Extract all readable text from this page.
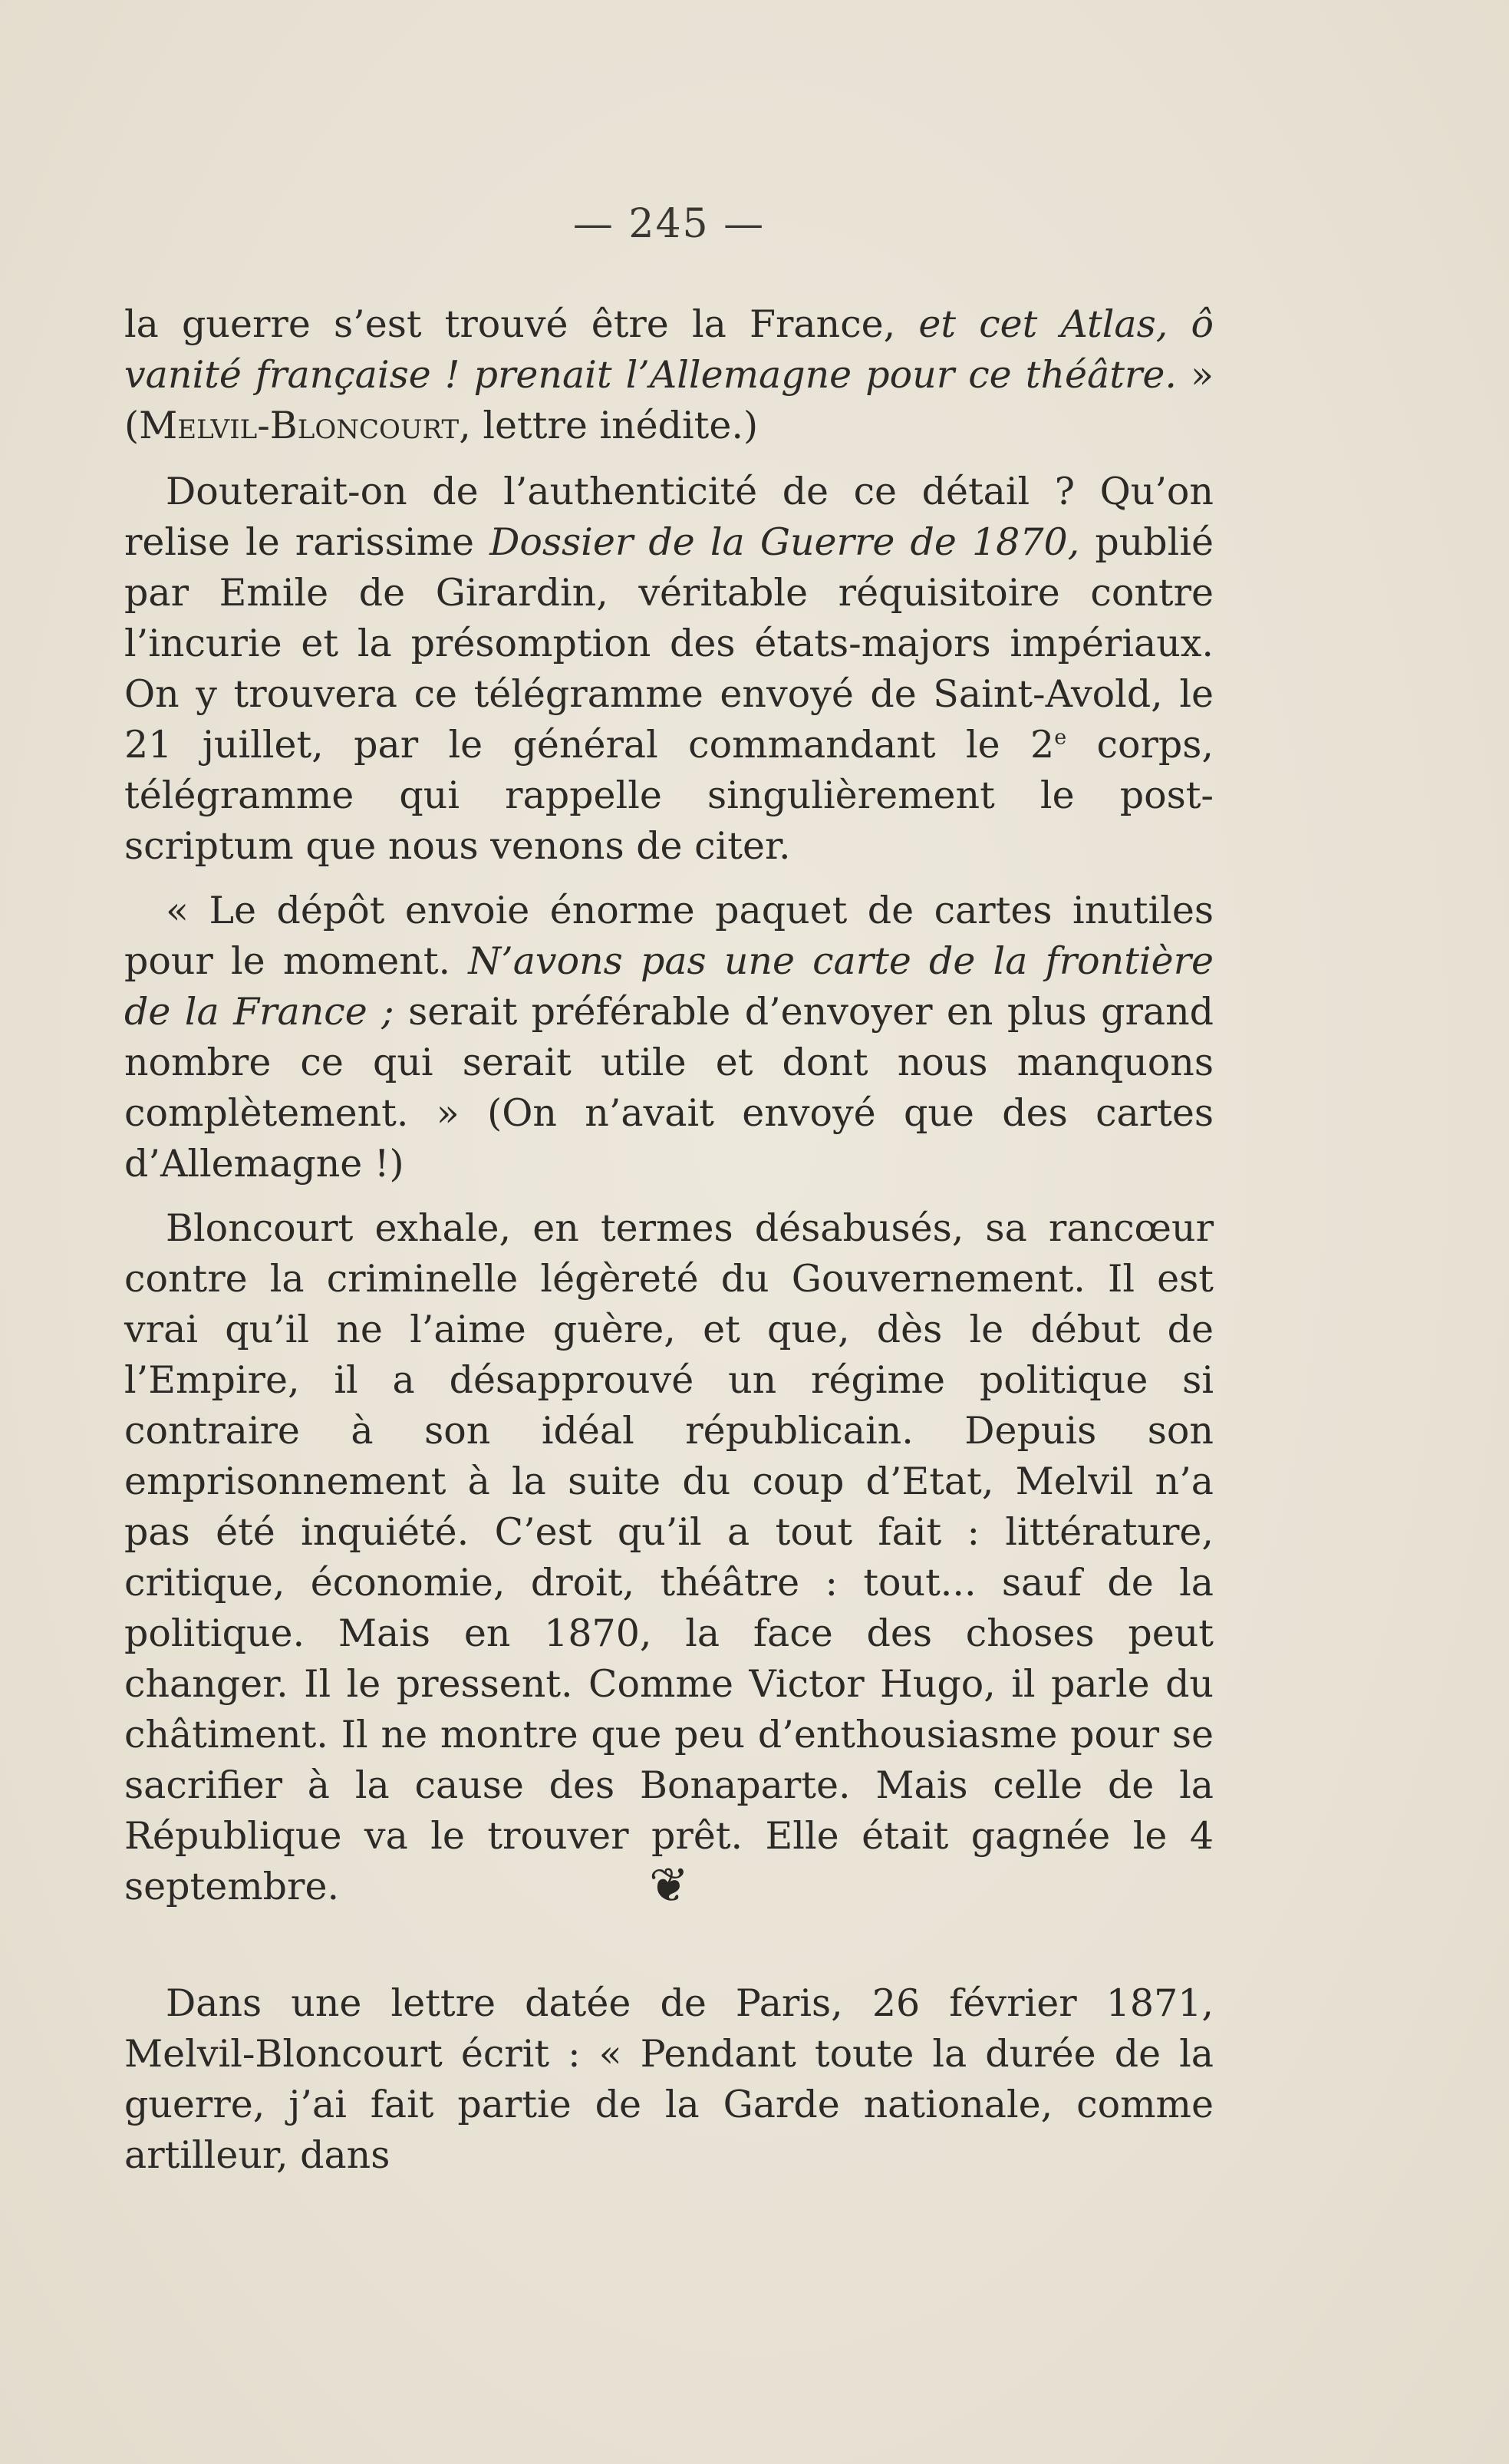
— 245 —

la guerre s’est trouvé être la France, et cet Atlas, ô vanité française ! prenait l’Allemagne pour ce théâtre. » (Melvil-Bloncourt, lettre inédite.)

Douterait-on de l’authenticité de ce détail ? Qu’on relise le rarissime Dossier de la Guerre de 1870, publié par Emile de Girardin, véritable réquisitoire contre l’incurie et la présomption des états-majors impériaux. On y trouvera ce télégramme envoyé de Saint-Avold, le 21 juillet, par le général commandant le 2e corps, télégramme qui rappelle singulièrement le post-scriptum que nous venons de citer.

« Le dépôt envoie énorme paquet de cartes inutiles pour le moment. N’avons pas une carte de la frontière de la France ; serait préférable d’envoyer en plus grand nombre ce qui serait utile et dont nous manquons complètement. » (On n’avait envoyé que des cartes d’Allemagne !)

Bloncourt exhale, en termes désabusés, sa rancœur contre la criminelle légèreté du Gouvernement. Il est vrai qu’il ne l’aime guère, et que, dès le début de l’Empire, il a désapprouvé un régime politique si contraire à son idéal républicain. Depuis son emprisonnement à la suite du coup d’Etat, Melvil n’a pas été inquiété. C’est qu’il a tout fait : littérature, critique, économie, droit, théâtre : tout... sauf de la politique. Mais en 1870, la face des choses peut changer. Il le pressent. Comme Victor Hugo, il parle du châtiment. Il ne montre que peu d’enthousiasme pour se sacrifier à la cause des Bonaparte. Mais celle de la République va le trouver prêt. Elle était gagnée le 4 septembre.	❦

Dans une lettre datée de Paris, 26 février 1871, Melvil-Bloncourt écrit : « Pendant toute la durée de la guerre, j’ai fait partie de la Garde nationale, comme artilleur, dans
